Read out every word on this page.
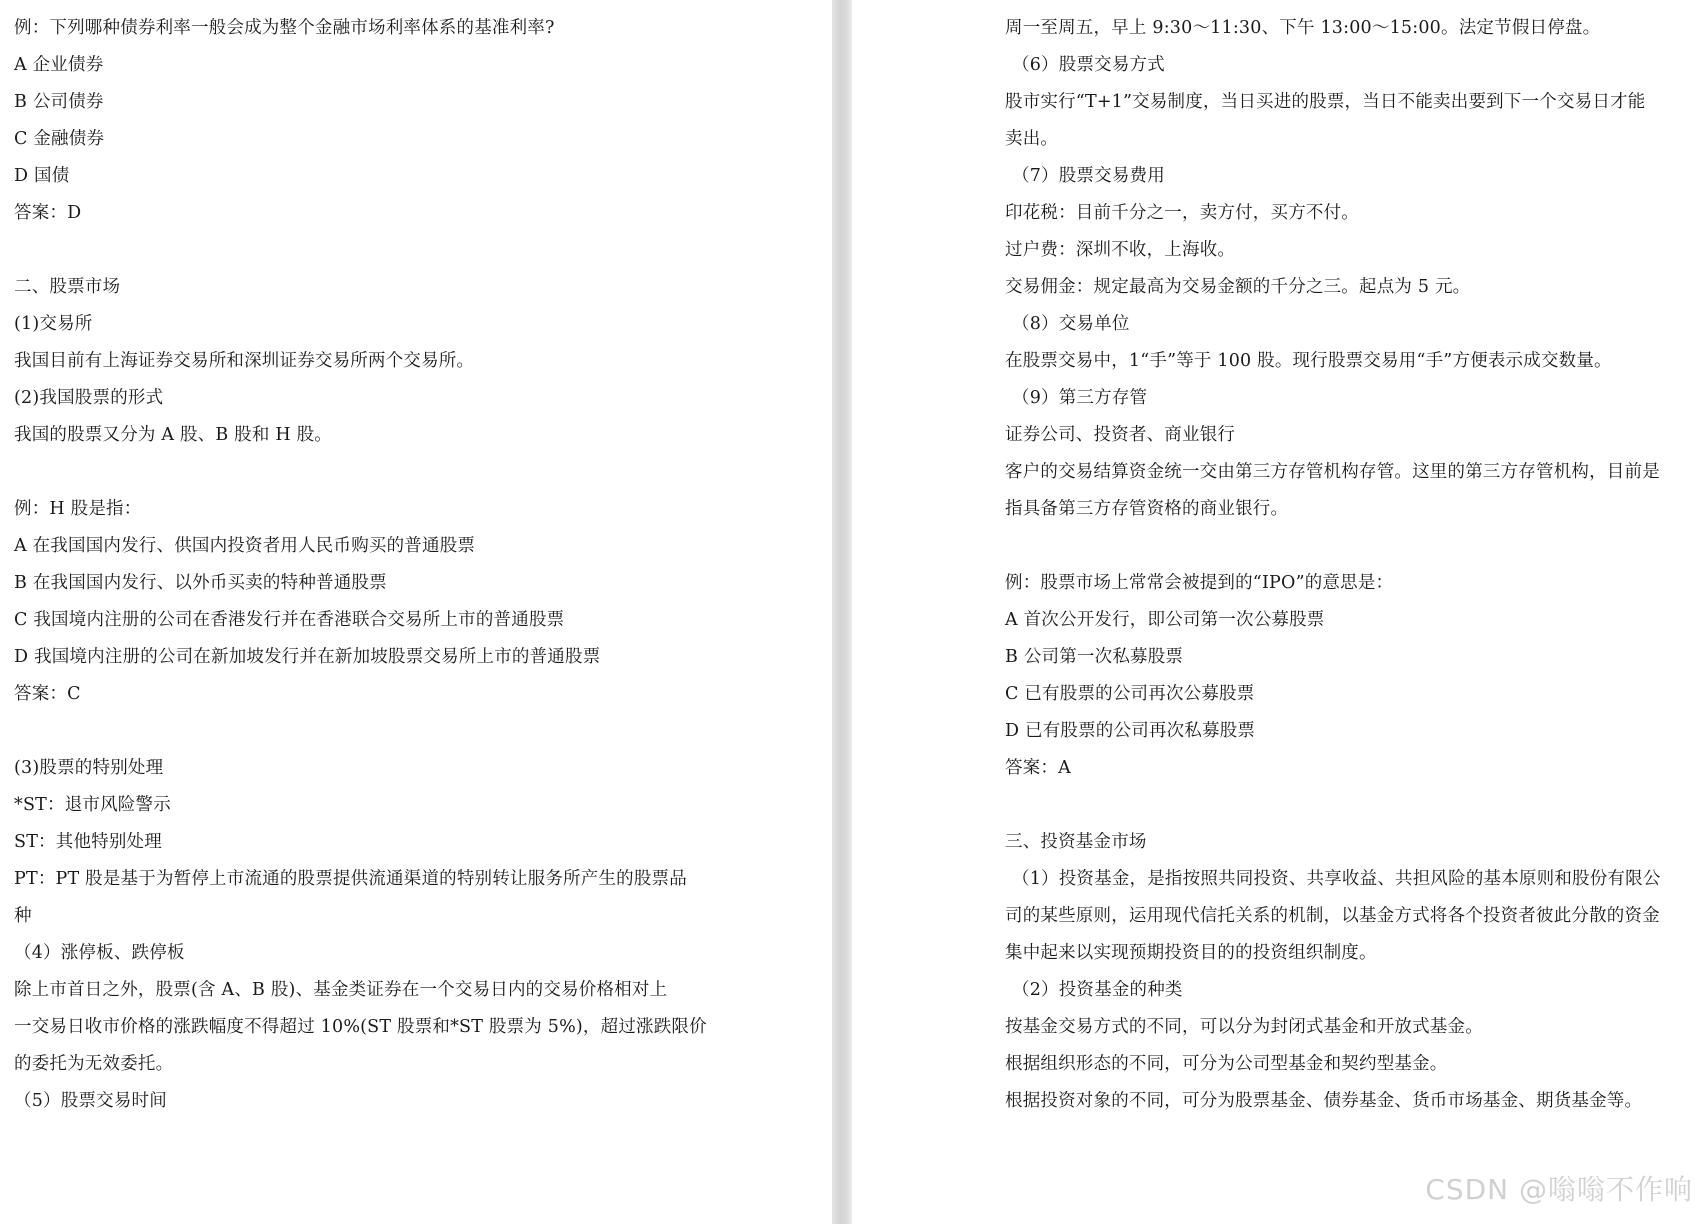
例：下列哪种债券利率一般会成为整个金融市场利率体系的基准利率?
A 企业债券
B 公司债券
C 金融债券
D 国债
答案：D
二、股票市场
(1)交易所
我国目前有上海证券交易所和深圳证券交易所两个交易所。
(2)我国股票的形式
我国的股票又分为 A 股、B 股和 H 股。
例：H 股是指：
A 在我国国内发行、供国内投资者用人民币购买的普通股票
B 在我国国内发行、以外币买卖的特种普通股票
C 我国境内注册的公司在香港发行并在香港联合交易所上市的普通股票
D 我国境内注册的公司在新加坡发行并在新加坡股票交易所上市的普通股票
答案：C
(3)股票的特别处理
*ST：退市风险警示
ST：其他特别处理
PT：PT 股是基于为暂停上市流通的股票提供流通渠道的特别转让服务所产生的股票品
种
（4）涨停板、跌停板
除上市首日之外，股票(含 A、B 股)、基金类证券在一个交易日内的交易价格相对上
一交易日收市价格的涨跌幅度不得超过 10%(ST 股票和*ST 股票为 5%)，超过涨跌限价
的委托为无效委托。
（5）股票交易时间
周一至周五，早上 9:30～11:30、下午 13:00～15:00。法定节假日停盘。
（6）股票交易方式
股市实行“T+1”交易制度，当日买进的股票，当日不能卖出要到下一个交易日才能
卖出。
（7）股票交易费用
印花税：目前千分之一，卖方付，买方不付。
过户费：深圳不收，上海收。
交易佣金：规定最高为交易金额的千分之三。起点为 5 元。
（8）交易单位
在股票交易中，1“手”等于 100 股。现行股票交易用“手”方便表示成交数量。
（9）第三方存管
证券公司、投资者、商业银行
客户的交易结算资金统一交由第三方存管机构存管。这里的第三方存管机构，目前是
指具备第三方存管资格的商业银行。
例：股票市场上常常会被提到的“IPO”的意思是：
A 首次公开发行，即公司第一次公募股票
B 公司第一次私募股票
C 已有股票的公司再次公募股票
D 已有股票的公司再次私募股票
答案：A
三、投资基金市场
（1）投资基金，是指按照共同投资、共享收益、共担风险的基本原则和股份有限公
司的某些原则，运用现代信托关系的机制，以基金方式将各个投资者彼此分散的资金
集中起来以实现预期投资目的的投资组织制度。
（2）投资基金的种类
按基金交易方式的不同，可以分为封闭式基金和开放式基金。
根据组织形态的不同，可分为公司型基金和契约型基金。
根据投资对象的不同，可分为股票基金、债券基金、货币市场基金、期货基金等。
CSDN @嗡嗡不作响
